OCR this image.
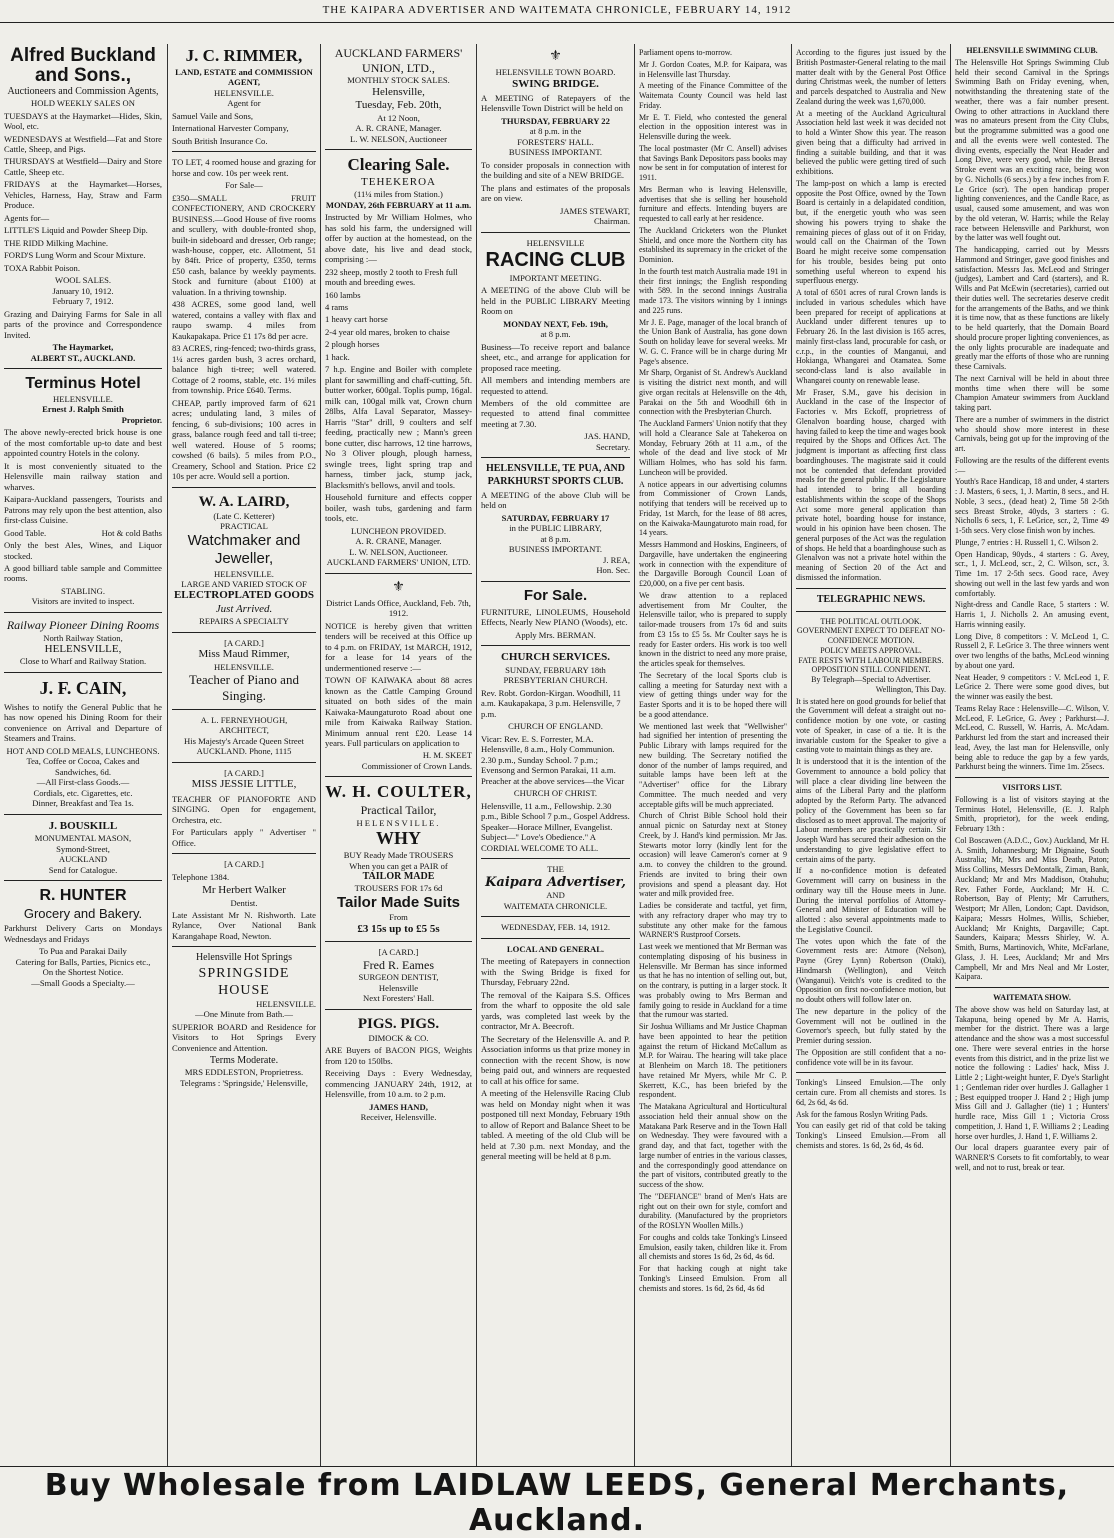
THE KAIPARA ADVERTISER AND WAITEMATA CHRONICLE, FEBRUARY 14, 1912
Alfred Buckland and Sons.,
Auctioneers and Commission Agents,
HOLD WEEKLY SALES ON

TUESDAYS at the Haymarket—Hides, Skin, Wool, etc.

WEDNESDAYS at Westfield—Fat and Store Cattle, Sheep, and Pigs.

THURSDAYS at Westfield—Dairy and Store Cattle, Sheep etc.

FRIDAYS at the Haymarket—Horses, Vehicles, Harness, Hay, Straw and Farm Produce.

Agents for—

LITTLE'S Liquid and Powder Sheep Dip.

THE RIDD Milking Machine.

FORD'S Lung Worm and Scour Mixture.

TOXA Rabbit Poison.

WOOL SALES.
January 10, 1912.
February 7, 1912.

Grazing and Dairying Farms for Sale in all parts of the province and Correspondence Invited.

The Haymarket,
ALBERT ST., AUCKLAND.
Terminus Hotel
HELENSVILLE.
Ernest J. Ralph Smith
Proprietor.

The above newly-erected brick house is one of the most comfortable up-to date and best appointed country Hotels in the colony.

It is most conveniently situated to the Helensville main railway station and wharves.

Kaipara-Auckland passengers, Tourists and Patrons may rely upon the best attention, also first-class Cuisine.

Good Table.	Hot & cold Baths

Only the best Ales, Wines, and Liquor stocked.

A good billiard table sample and Committee rooms.

STABLING.
Visitors are invited to inspect.
Railway Pioneer Dining Rooms
North Railway Station,
HELENSVILLE,
Close to Wharf and Railway Station.
J. F. CAIN,

Wishes to notify the General Public that he has now opened his Dining Room for their convenience on Arrival and Departure of Steamers and Trains.

HOT AND COLD MEALS, LUNCHEONS.
Tea, Coffee or Cocoa, Cakes and Sandwiches, 6d.
—All First-class Goods.—
Cordials, etc. Cigarettes, etc.
Dinner, Breakfast and Tea 1s.
J. BOUSKILL
MONUMENTAL MASON,
Symond-Street,
AUCKLAND
Send for Catalogue.
R. HUNTER
Grocery and Bakery.

Parkhurst Delivery Carts on Mondays Wednesdays and Fridays

To Pua and Parakai Daily
Catering for Balls, Parties, Picnics etc.,
On the Shortest Notice.
—Small Goods a Specialty.—
J. C. RIMMER,
LAND, ESTATE and COMMISSION AGENT,
HELENSVILLE.
Agent for

Samuel Vaile and Sons,

International Harvester Company,

South British Insurance Co.

TO LET, 4 roomed house and grazing for horse and cow. 10s per week rent.

For Sale—

£350—SMALL FRUIT CONFECTIONERY, AND CROCKERY BUSINESS.—Good House of five rooms and scullery, with double-fronted shop, built-in sideboard and dresser, Orb range; wash-house, copper, etc. Allotment, 51 by 84ft. Price of property, £350, terms £50 cash, balance by weekly payments. Stock and furniture (about £100) at valuation. In a thriving township.

438 ACRES, some good land, well watered, contains a valley with flax and raupo swamp. 4 miles from Kaukapakapa. Price £1 17s 8d per acre.

83 ACRES, ring-fenced; two-thirds grass, 1¼ acres garden bush, 3 acres orchard, balance high ti-tree; well watered. Cottage of 2 rooms, stable, etc. 1½ miles from township. Price £640. Terms.

CHEAP, partly improved farm of 621 acres; undulating land, 3 miles of fencing, 6 sub-divisions; 100 acres in grass, balance rough feed and tall ti-tree; well watered. House of 5 rooms; cowshed (6 bails). 5 miles from P.O., Creamery, School and Station. Price £2 10s per acre. Would sell a portion.

W. A. LAIRD,
(Late C. Ketterer)
PRACTICAL
Watchmaker and Jeweller,
HELENSVILLE.
LARGE AND VARIED STOCK OF
ELECTROPLATED GOODS
Just Arrived.
REPAIRS A SPECIALTY
[A CARD.]
Miss Maud Rimmer,
HELENSVILLE.
Teacher of Piano and Singing.
A. L. FERNEYHOUGH,
ARCHITECT,
His Majesty's Arcade Queen Street
AUCKLAND. Phone, 1115
[A CARD.]
MISS JESSIE LITTLE,

TEACHER OF PIANOFORTE AND SINGING. Open for engagement, Orchestra, etc.

For Particulars apply " Advertiser " Office.

[A CARD.]

Telephone 1384.

Mr Herbert Walker
Dentist.

Late Assistant Mr N. Rishworth. Late Rylance, Over National Bank Karangahape Road, Newton.

Helensville Hot Springs
SPRINGSIDE HOUSE
HELENSVILLE.
—One Minute from Bath.—

SUPERIOR BOARD and Residence for Visitors to Hot Springs Every Convenience and Attention.

Terms Moderate.
MRS EDDLESTON, Proprietress.
Telegrams : 'Springside,' Helensville,
AUCKLAND FARMERS' UNION, LTD.,
MONTHLY STOCK SALES.
Helensville,
Tuesday, Feb. 20th,
At 12 Noon,
A. R. CRANE, Manager.
L. W. NELSON, Auctioneer
Clearing Sale.
TEHEKEROA
(11¼ miles from Station.)
MONDAY, 26th FEBRUARY at 11 a.m.

Instructed by Mr William Holmes, who has sold his farm, the undersigned will offer by auction at the homestead, on the above date, his live and dead stock, comprising :—

232 sheep, mostly 2 tooth to Fresh full mouth and breeding ewes.

160 lambs

4 rams

1 heavy cart horse

2-4 year old mares, broken to chaise

2 plough horses

1 hack.

7 h.p. Engine and Boiler with complete plant for sawmilling and chaff-cutting, 5ft. butter worker, 600gal. Toplis pump, 16gal. milk can, 100gal milk vat, Crown churn 28lbs, Alfa Laval Separator, Massey-Harris "Star" drill, 9 coulters and self feeding, practically new ; Mann's green bone cutter, disc harrows, 12 tine harrows, No 3 Oliver plough, plough harness, swingle trees, light spring trap and harness, timber jack, stump jack, Blacksmith's bellows, anvil and tools.

Household furniture and effects copper boiler, wash tubs, gardening and farm tools, etc.

LUNCHEON PROVIDED.
A. R. CRANE, Manager.
L. W. NELSON, Auctioneer.
AUCKLAND FARMERS' UNION, LTD.
⚜
District Lands Office, Auckland, Feb. 7th, 1912.

NOTICE is hereby given that written tenders will be received at this Office up to 4 p.m. on FRIDAY, 1st MARCH, 1912, for a lease for 14 years of the undermentioned reserve :—

TOWN OF KAIWAKA about 88 acres known as the Cattle Camping Ground situated on both sides of the main Kaiwaka-Maungaturoto Road about one mile from Kaiwaka Railway Station. Minimum annual rent £20. Lease 14 years. Full particulars on application to

H. M. SKEET
Commissioner of Crown Lands.
W. H. COULTER,
Practical Tailor,
HELENSVILLE.
WHY
BUY Ready Made TROUSERS
When you can get a PAIR of
TAILOR MADE
TROUSERS FOR 17s 6d
Tailor Made Suits
From
£3 15s up to £5 5s
[A CARD.]
Fred R. Eames
SURGEON DENTIST,
Helensville
Next Foresters' Hall.
PIGS. PIGS.
DIMOCK & CO.

ARE Buyers of BACON PIGS, Weights from 120 to 150lbs.

Receiving Days : Every Wednesday, commencing JANUARY 24th, 1912, at Helensville, from 10 a.m. to 2 p.m.

JAMES HAND,
Receiver, Helensville.
⚜
HELENSVILLE TOWN BOARD.
SWING BRIDGE.

A MEETING of Ratepayers of the Helensville Town District will be held on

THURSDAY, FEBRUARY 22
at 8 p.m. in the
FORESTERS' HALL.
BUSINESS IMPORTANT.

To consider proposals in connection with the building and site of a NEW BRIDGE.

The plans and estimates of the proposals are on view.

JAMES STEWART,
Chairman.
HELENSVILLE
RACING CLUB
IMPORTANT MEETING.

A MEETING of the above Club will be held in the PUBLIC LIBRARY Meeting Room on

MONDAY NEXT, Feb. 19th,
at 8 p.m.

Business—To receive report and balance sheet, etc., and arrange for application for proposed race meeting.

All members and intending members are requested to attend.

Members of the old committee are requested to attend final committee meeting at 7.30.

JAS. HAND,
Secretary.
HELENSVILLE, TE PUA, AND PARKHURST SPORTS CLUB.

A MEETING of the above Club will be held on

SATURDAY, FEBRUARY 17
in the PUBLIC LIBRARY,
at 8 p.m.
BUSINESS IMPORTANT.
J. REA,
Hon. Sec.
For Sale.

FURNITURE, LINOLEUMS, Household Effects, Nearly New PIANO (Woods), etc.

Apply Mrs. BERMAN.
CHURCH SERVICES.
SUNDAY, FEBRUARY 18th
PRESBYTERIAN CHURCH.

Rev. Robt. Gordon-Kirgan. Woodhill, 11 a.m. Kaukapakapa, 3 p.m. Helensville, 7 p.m.

CHURCH OF ENGLAND.

Vicar: Rev. E. S. Forrester, M.A. Helensville, 8 a.m., Holy Communion. 2.30 p.m., Sunday School. 7 p.m.; Evensong and Sermon Parakai, 11 a.m. Preacher at the above services—the Vicar

CHURCH OF CHRIST.

Helensville, 11 a.m., Fellowship. 2.30 p.m., Bible School 7 p.m., Gospel Address. Speaker—Horace Millner, Evangelist. Subject—" Love's Obedience." A CORDIAL WELCOME TO ALL.

THE
Kaipara Advertiser,
AND
WAITEMATA CHRONICLE.
WEDNESDAY, FEB. 14, 1912.
LOCAL AND GENERAL.

The meeting of Ratepayers in connection with the Swing Bridge is fixed for Thursday, February 22nd.

The removal of the Kaipara S.S. Offices from the wharf to opposite the old sale yards, was completed last week by the contractor, Mr A. Beecroft.

The Secretary of the Helensville A. and P. Association informs us that prize money in connection with the recent Show, is now being paid out, and winners are requested to call at his office for same.

A meeting of the Helensville Racing Club was held on Monday night when it was postponed till next Monday, February 19th to allow of Report and Balance Sheet to be tabled. A meeting of the old Club will be held at 7.30 p.m. next Monday, and the general meeting will be held at 8 p.m.

Parliament opens to-morrow.

Mr J. Gordon Coates, M.P. for Kaipara, was in Helensville last Thursday.

A meeting of the Finance Committee of the Waitemata County Council was held last Friday.

Mr E. T. Field, who contested the general election in the opposition interest was in Helensville during the week.

The local postmaster (Mr C. Ansell) advises that Savings Bank Depositors pass books may now be sent in for computation of interest for 1911.

Mrs Berman who is leaving Helensville, advertises that she is selling her household furniture and effects. Intending buyers are requested to call early at her residence.

The Auckland Cricketers won the Plunket Shield, and once more the Northern city has established its supremacy in the cricket of the Dominion.

In the fourth test match Australia made 191 in their first innings; the English responding with 589. In the second innings Australia made 173. The visitors winning by 1 innings and 225 runs.

Mr J. E. Page, manager of the local branch of the Union Bank of Australia, has gone down South on holiday leave for several weeks. Mr W. G. C. France will be in charge during Mr Page's absence.

Mr Sharp, Organist of St. Andrew's Auckland is visiting the district next month, and will give organ recitals at Helensville on the 4th, Parakai on the 5th and Woodhill 6th in connection with the Presbyterian Church.

The Auckland Farmers' Union notify that they will hold a Clearance Sale at Tahekeroa on Monday, February 26th at 11 a.m., of the whole of the dead and live stock of Mr William Holmes, who has sold his farm. Luncheon will be provided.

A notice appears in our advertising columns from Commissioner of Crown Lands, notifying that tenders will be received up to Friday, 1st March, for the lease of 88 acres, on the Kaiwaka-Maungaturoto main road, for 14 years.

Messrs Hammond and Hoskins, Engineers, of Dargaville, have undertaken the engineering work in connection with the expenditure of the Dargaville Borough Council Loan of £20,000, on a five per cent basis.

We draw attention to a replaced advertisement from Mr Coulter, the Helensville tailor, who is prepared to supply tailor-made trousers from 17s 6d and suits from £3 15s to £5 5s. Mr Coulter says he is ready for Easter orders. His work is too well known in the district to need any more praise, the articles speak for themselves.

The Secretary of the local Sports club is calling a meeting for Saturday next with a view of getting things under way for the Easter Sports and it is to be hoped there will be a good attendance.

We mentioned last week that "Wellwisher" had signified her intention of presenting the Public Library with lamps required for the new building. The Secretary notified the donor of the number of lamps required, and suitable lamps have been left at the "Advertiser" office for the Library Committee. The much needed and very acceptable gifts will be much appreciated.

Church of Christ Bible School hold their annual picnic on Saturday next at Stoney Creek, by J. Hand's kind permission. Mr Jas. Stewarts motor lorry (kindly lent for the occasion) will leave Cameron's corner at 9 a.m. to convey the children to the ground. Friends are invited to bring their own provisions and spend a pleasant day. Hot water and milk provided free.

Ladies be considerate and tactful, yet firm, with any refractory draper who may try to substitute any other make for the famous WARNER'S Rustproof Corsets.

Last week we mentioned that Mr Berman was contemplating disposing of his business in Helensville. Mr Berman has since informed us that he has no intention of selling out, but, on the contrary, is putting in a larger stock. It was probably owing to Mrs Berman and family going to reside in Auckland for a time that the rumour was started.

Sir Joshua Williams and Mr Justice Chapman have been appointed to hear the petition against the return of Hickand McCallum as M.P. for Wairau. The hearing will take place at Blenheim on March 18. The petitioners have retained Mr Myers, while Mr C. P. Skerrett, K.C., has been briefed by the respondent.

The Matakana Agricultural and Horticultural association held their annual show on the Matakana Park Reserve and in the Town Hall on Wednesday. They were favoured with a grand day, and that fact, together with the large number of entries in the various classes, and the correspondingly good attendance on the part of visitors, contributed greatly to the success of the show.

The "DEFIANCE" brand of Men's Hats are right out on their own for style, comfort and durability. (Manufactured by the proprietors of the ROSLYN Woollen Mills.)

For coughs and colds take Tonking's Linseed Emulsion, easily taken, children like it. From all chemists and stores 1s 6d, 2s 6d, 4s 6d.

For that hacking cough at night take Tonking's Linseed Emulsion. From all chemists and stores. 1s 6d, 2s 6d, 4s 6d

According to the figures just issued by the British Postmaster-General relating to the mail matter dealt with by the General Post Office during Christmas week, the number of letters and parcels despatched to Australia and New Zealand during the week was 1,670,000.

At a meeting of the Auckland Agricultural Association held last week it was decided not to hold a Winter Show this year. The reason given being that a difficulty had arrived in finding a suitable building, and that it was believed the public were getting tired of such exhibitions.

The lamp-post on which a lamp is erected opposite the Post Office, owned by the Town Board is certainly in a delapidated condition, but, if the energetic youth who was seen showing his powers trying to shake the remaining pieces of glass out of it on Friday, would call on the Chairman of the Town Board he might receive some compensation for his trouble, besides being put onto something useful whereon to expend his superfluous energy.

A total of 6501 acres of rural Crown lands is included in various schedules which have been prepared for receipt of applications at Auckland under different tenures up to February 26. In the last division is 165 acres, mainly first-class land, procurable for cash, or c.r.p., in the counties of Manganui, and Hokianga, Whangarei and Otamatea. Some second-class land is also available in Whangarei county on renewable lease.

Mr Fraser, S.M., gave his decision in Auckland in the case of the Inspector of Factories v. Mrs Eckoff, proprietress of Glenalvon boarding house, charged with having failed to keep the time and wages book required by the Shops and Offices Act. The judgment is important as affecting first class boardinghouses. The magistrate said it could not be contended that defendant provided meals for the general public. If the Legislature had intended to bring all boarding establishments within the scope of the Shops Act some more general application than private hotel, boarding house for instance, would in his opinion have been chosen. The general purposes of the Act was the regulation of shops. He held that a boardinghouse such as Glenalvon was not a private hotel within the meaning of Section 20 of the Act and dismissed the information.

TELEGRAPHIC NEWS.
THE POLITICAL OUTLOOK.
GOVERNMENT EXPECT TO DEFEAT NO-CONFIDENCE MOTION.
POLICY MEETS APPROVAL.
FATE RESTS WITH LABOUR MEMBERS.
OPPOSITION STILL CONFIDENT.
By Telegraph—Special to Advertiser.
Wellington, This Day.

It is stated here on good grounds for belief that the Government will defeat a straight out no-confidence motion by one vote, or casting vote of Speaker, in case of a tie. It is the invariable custom for the Speaker to give a casting vote to maintain things as they are.

It is understood that it is the intention of the Government to announce a bold policy that will place a clear dividing line between the aims of the Liberal Party and the platform adopted by the Reform Party. The advanced policy of the Government has been so far disclosed as to meet approval. The majority of Labour members are practically certain. Sir Joseph Ward has secured their adhesion on the understanding to give legislative effect to certain aims of the party.

If a no-confidence motion is defeated Government will carry on business in the ordinary way till the House meets in June. During the interval portfolios of Attorney-General and Minister of Education will be allotted : also several appointments made to the Legislative Council.

The votes upon which the fate of the Government rests are: Atmore (Nelson), Payne (Grey Lynn) Robertson (Otaki), Hindmarsh (Wellington), and Veitch (Wanganui). Veitch's vote is credited to the Opposition on first no-confidence motion, but no doubt others will follow later on.

The new departure in the policy of the Government will not be outlined in the Governor's speech, but fully stated by the Premier during session.

The Opposition are still confident that a no-confidence vote will be in its favour.

Tonking's Linseed Emulsion.—The only certain cure. From all chemists and stores. 1s 6d, 2s 6d, 4s 6d.

Ask for the famous Roslyn Writing Pads.

You can easily get rid of that cold be taking Tonking's Linseed Emulsion.—From all chemists and stores. 1s 6d, 2s 6d, 4s 6d.

HELENSVILLE SWIMMING CLUB.

The Helensville Hot Springs Swimming Club held their second Carnival in the Springs Swimming Bath on Friday evening, when, notwithstanding the threatening state of the weather, there was a fair number present. Owing to other attractions in Auckland there was no amateurs present from the City Clubs, but the programme submitted was a good one and all the events were well contested. The diving events, especially the Neat Header and Long Dive, were very good, while the Breast Stroke event was an exciting race, being won by G. Nicholls (6 secs.) by a few inches from F. Le Grice (scr). The open handicap proper lighting conveniences, and the Candle Race, as usual, caused some amusement, and was won by the old veteran, W. Harris; while the Relay race between Helensville and Parkhurst, won by the latter was well fought out.

The handicapping, carried out by Messrs Hammond and Stringer, gave good finishes and satisfaction. Messrs Jas. McLeod and Stringer (judges), Lambert and Card (starters), and R. Wills and Pat McEwin (secretaries), carried out their duties well. The secretaries deserve credit for the arrangements of the Baths, and we think it is time now, that as these functions are likely to be held quarterly, that the Domain Board should procure proper lighting conveniences, as the only lights procurable are inadequate and greatly mar the efforts of those who are running these Carnivals.

The next Carnival will be held in about three months time when there will be some Champion Amateur swimmers from Auckland taking part.

There are a number of swimmers in the district who should show more interest in these Carnivals, being got up for the improving of the art.

Following are the results of the different events :—

Youth's Race Handicap, 18 and under, 4 starters : J. Masters, 6 secs, 1, J. Martin, 8 secs., and H. Noble, 3 secs., (dead heat) 2, Time 58 2-5th secs Breast Stroke, 40yds, 3 starters : G. Nicholls 6 secs, 1, F. LeGrice, scr., 2, Time 49 1-5th secs. Very close finish won by inches.

Plunge, 7 entries : H. Russell 1, C. Wilson 2.

Open Handicap, 90yds., 4 starters : G. Avey, scr., 1, J. McLeod, scr., 2, C. Wilson, scr., 3. Time 1m. 17 2-5th secs. Good race, Avey showing out well in the last few yards and won comfortably.

Night-dress and Candle Race, 5 starters : W. Harris 1, J. Nicholls 2. An amusing event, Harris winning easily.

Long Dive, 8 competitors : V. McLeod 1, C. Russell 2, F. LeGrice 3. The three winners went over two lengths of the baths, McLeod winning by about one yard.

Neat Header, 9 competitors : V. McLeod 1, F. LeGrice 2. There were some good dives, but the winner was easily the best.

Teams Relay Race : Helensville—C. Wilson, V. McLeod, F. LeGrice, G. Avey ; Parkhurst—J. McLeod, C. Russell, W. Harris, A. McAdam. Parkhurst led from the start and increased their lead, Avey, the last man for Helensville, only being able to reduce the gap by a few yards, Parkhurst being the winners. Time 1m. 25secs.

VISITORS LIST.

Following is a list of visitors staying at the Terminus Hotel, Helensville, (E. J. Ralph Smith, proprietor), for the week ending, February 13th :

Col Boscawen (A.D.C., Gov.) Auckland, Mr H. A. Smith, Johannesburg; Mr Dignaine, South Australia; Mr, Mrs and Miss Death, Paton; Miss Collins, Messrs DeMontalk, Ziman, Bank, Auckland; Mr and Mrs Maddison, Otahuhu; Rev. Father Forde, Auckland; Mr H. C. Robertson, Bay of Plenty; Mr Carruthers, Westport; Mr Allen, London; Capt. Davidson, Kaipara; Messrs Holmes, Willis, Schieber, Auckland; Mr Knights, Dargaville; Capt. Saunders, Kaipara; Messrs Shirley, W. A. Smith, Burns, Martinovich, White, McFarlane, Glass, J. H. Lees, Auckland; Mr and Mrs Campbell, Mr and Mrs Neal and Mr Loster, Kaipara.

WAITEMATA SHOW.

The above show was held on Saturday last, at Takapuna, being opened by Mr A. Harris, member for the district. There was a large attendance and the show was a most successful one. There were several entries in the horse events from this district, and in the prize list we notice the following : Ladies' hack, Miss J. Little 2 ; Light-weight hunter, F. Dye's Starlight 1 ; Gentleman rider over hurdles J. Gallagher 1 ; Best equipped trooper J. Hand 2 ; High jump Miss Gill and J. Gallagher (tie) 1 ; Hunters' hurdle race, Miss Gill 1 ; Victoria Cross competition, J. Hand 1, F. Williams 2 ; Leading horse over hurdles, J. Hand 1, F. Williams 2.

Our local drapers guarantee every pair of WARNER'S Corsets to fit comfortably, to wear well, and not to rust, break or tear.

Buy Wholesale from LAIDLAW LEEDS, General Merchants, Auckland.
